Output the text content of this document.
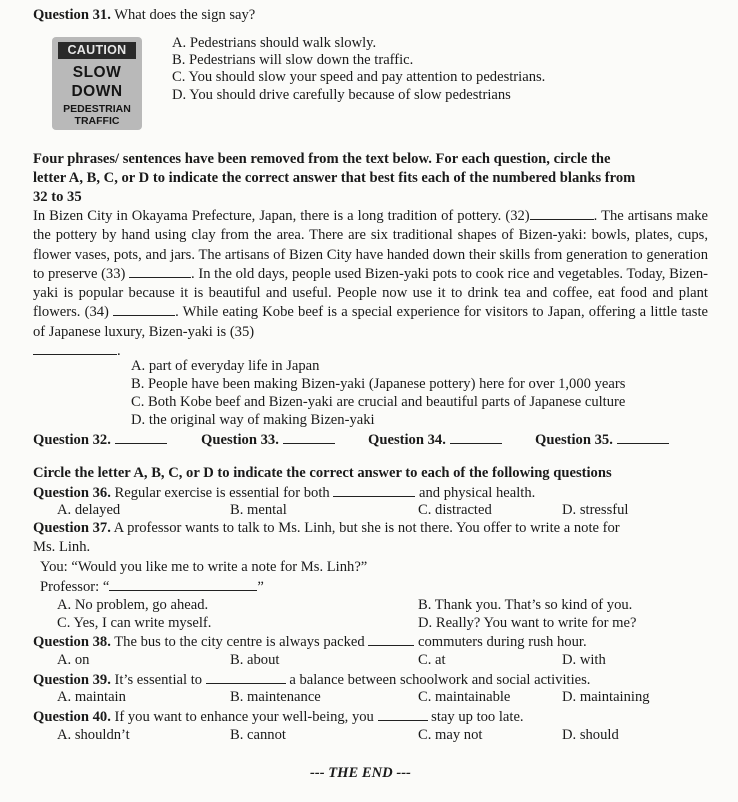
Question 31. What does the sign say?
CAUTION
SLOW
DOWN
PEDESTRIAN
TRAFFIC
A. Pedestrians should walk slowly.
B. Pedestrians will slow down the traffic.
C. You should slow your speed and pay attention to pedestrians.
D. You should drive carefully because of slow pedestrians
Four phrases/ sentences have been removed from the text below. For each question, circle the
letter A, B, C, or D to indicate the correct answer that best fits each of the numbered blanks from
32 to 35
In Bizen City in Okayama Prefecture, Japan, there is a long tradition of pottery. (32)	. The artisans make the pottery by hand using clay from the area. There are six traditional shapes of Bizen-yaki: bowls, plates, cups, flower vases, pots, and jars. The artisans of Bizen City have handed down their skills from generation to generation to preserve (33)	. In the old days, people used Bizen-yaki pots to cook rice and vegetables. Today, Bizen-yaki is popular because it is beautiful and useful. People now use it to drink tea and coffee, eat food and plant flowers. (34)	. While eating Kobe beef is a special experience for visitors to Japan, offering a little taste of Japanese luxury, Bizen-yaki is (35)
.
A. part of everyday life in Japan
B. People have been making Bizen-yaki (Japanese pottery) here for over 1,000 years
C. Both Kobe beef and Bizen-yaki are crucial and beautiful parts of Japanese culture
D. the original way of making Bizen-yaki
Question 32.	Question 33.	Question 34.	Question 35.
Circle the letter A, B, C, or D to indicate the correct answer to each of the following questions
Question 36. Regular exercise is essential for both	and physical health.
A. delayed	B. mental	C. distracted	D. stressful
Question 37. A professor wants to talk to Ms. Linh, but she is not there. You offer to write a note for
Ms. Linh.
You: “Would you like me to write a note for Ms. Linh?”
Professor: “	”
A. No problem, go ahead.	B. Thank you. That’s so kind of you.
C. Yes, I can write myself.	D. Really? You want to write for me?
Question 38. The bus to the city centre is always packed	commuters during rush hour.
A. on	B. about	C. at	D. with
Question 39. It’s essential to	a balance between schoolwork and social activities.
A. maintain	B. maintenance	C. maintainable	D. maintaining
Question 40. If you want to enhance your well-being, you	stay up too late.
A. shouldn’t	B. cannot	C. may not	D. should
--- THE END ---
